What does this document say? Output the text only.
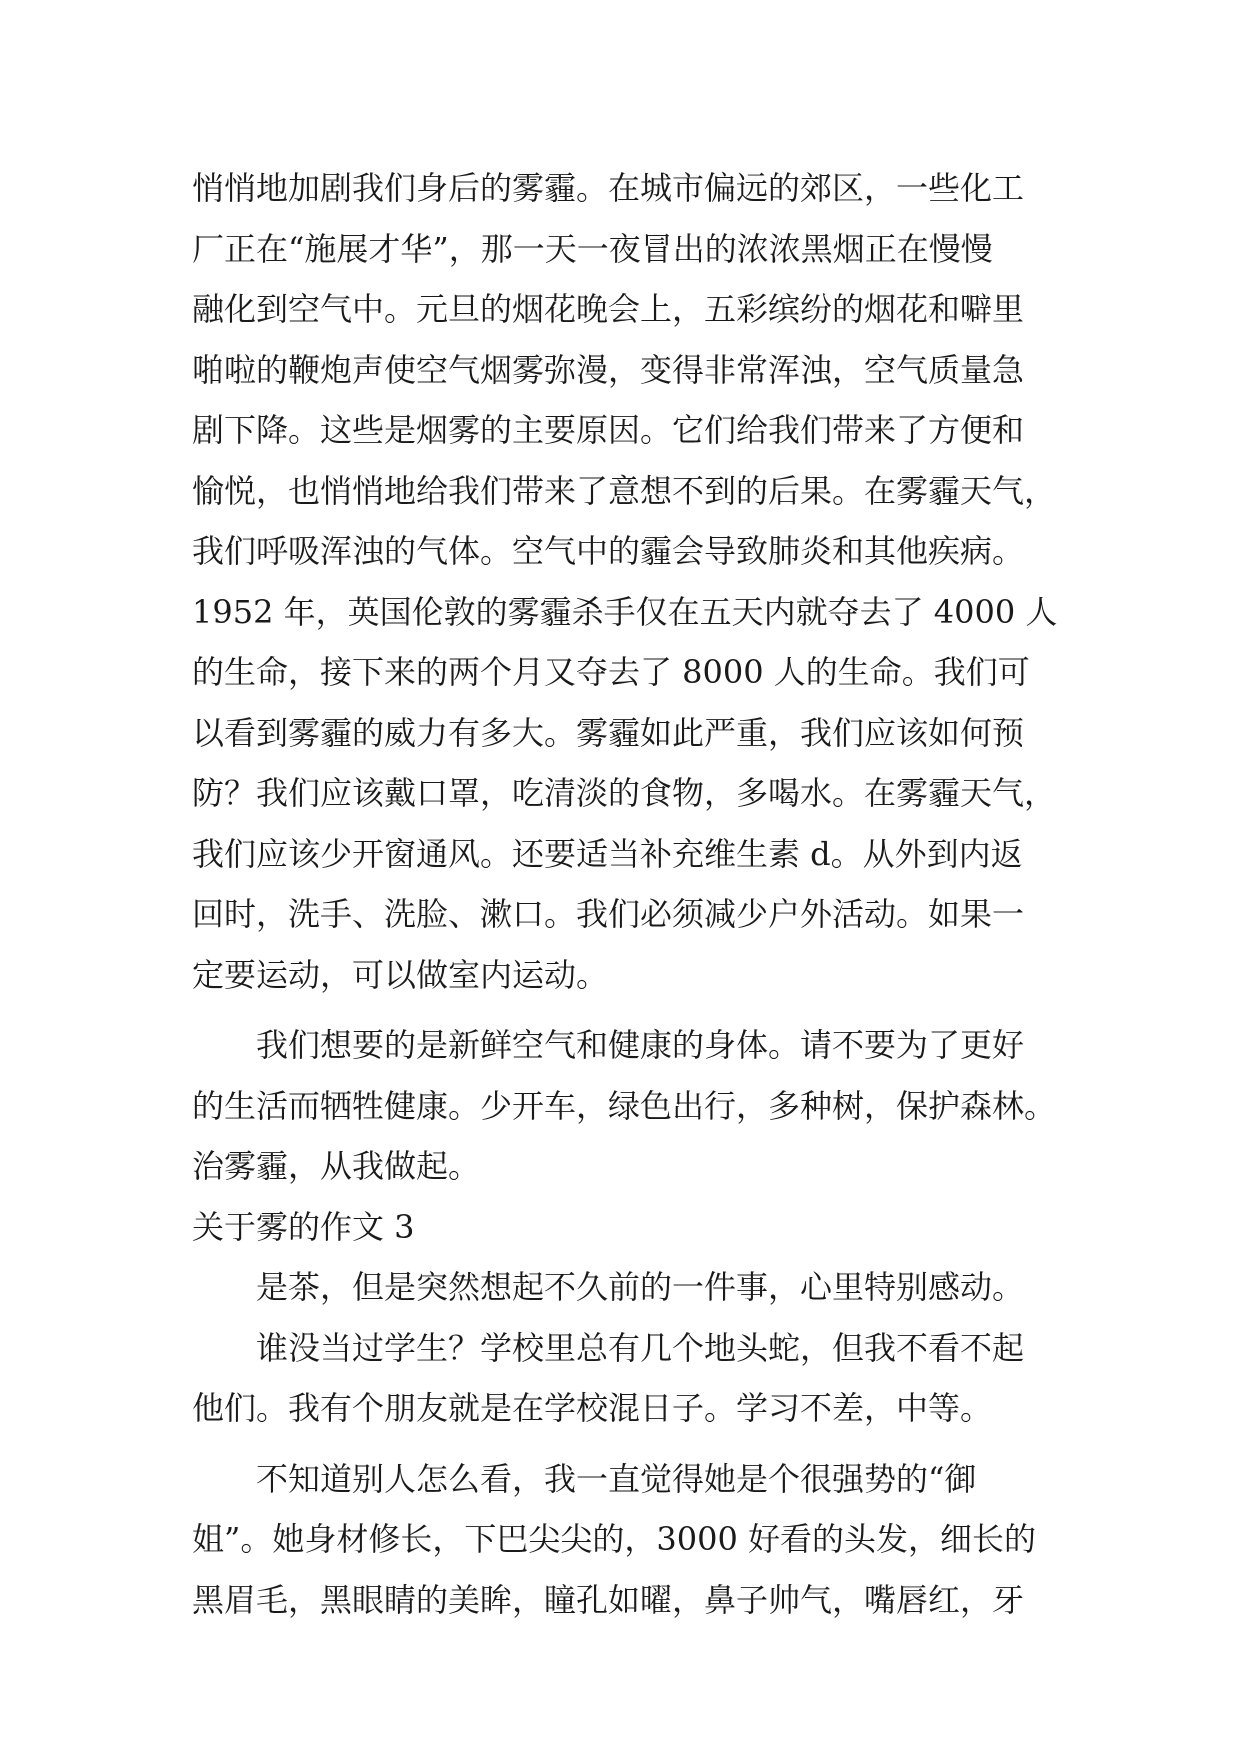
悄悄地加剧我们身后的雾霾。在城市偏远的郊区，一些化工
厂正在“施展才华”，那一天一夜冒出的浓浓黑烟正在慢慢
融化到空气中。元旦的烟花晚会上，五彩缤纷的烟花和噼里
啪啦的鞭炮声使空气烟雾弥漫，变得非常浑浊，空气质量急
剧下降。这些是烟雾的主要原因。它们给我们带来了方便和
愉悦，也悄悄地给我们带来了意想不到的后果。在雾霾天气，
我们呼吸浑浊的气体。空气中的霾会导致肺炎和其他疾病。
1952 年，英国伦敦的雾霾杀手仅在五天内就夺去了 4000 人
的生命，接下来的两个月又夺去了 8000 人的生命。我们可
以看到雾霾的威力有多大。雾霾如此严重，我们应该如何预
防？我们应该戴口罩，吃清淡的食物，多喝水。在雾霾天气，
我们应该少开窗通风。还要适当补充维生素 d。从外到内返
回时，洗手、洗脸、漱口。我们必须减少户外活动。如果一
定要运动，可以做室内运动。
我们想要的是新鲜空气和健康的身体。请不要为了更好
的生活而牺牲健康。少开车，绿色出行，多种树，保护森林。
治雾霾，从我做起。
关于雾的作文 3
是茶，但是突然想起不久前的一件事，心里特别感动。
谁没当过学生？学校里总有几个地头蛇，但我不看不起
他们。我有个朋友就是在学校混日子。学习不差，中等。
不知道别人怎么看，我一直觉得她是个很强势的“御
姐”。她身材修长，下巴尖尖的，3000 好看的头发，细长的
黑眉毛，黑眼睛的美眸，瞳孔如曜，鼻子帅气，嘴唇红，牙
